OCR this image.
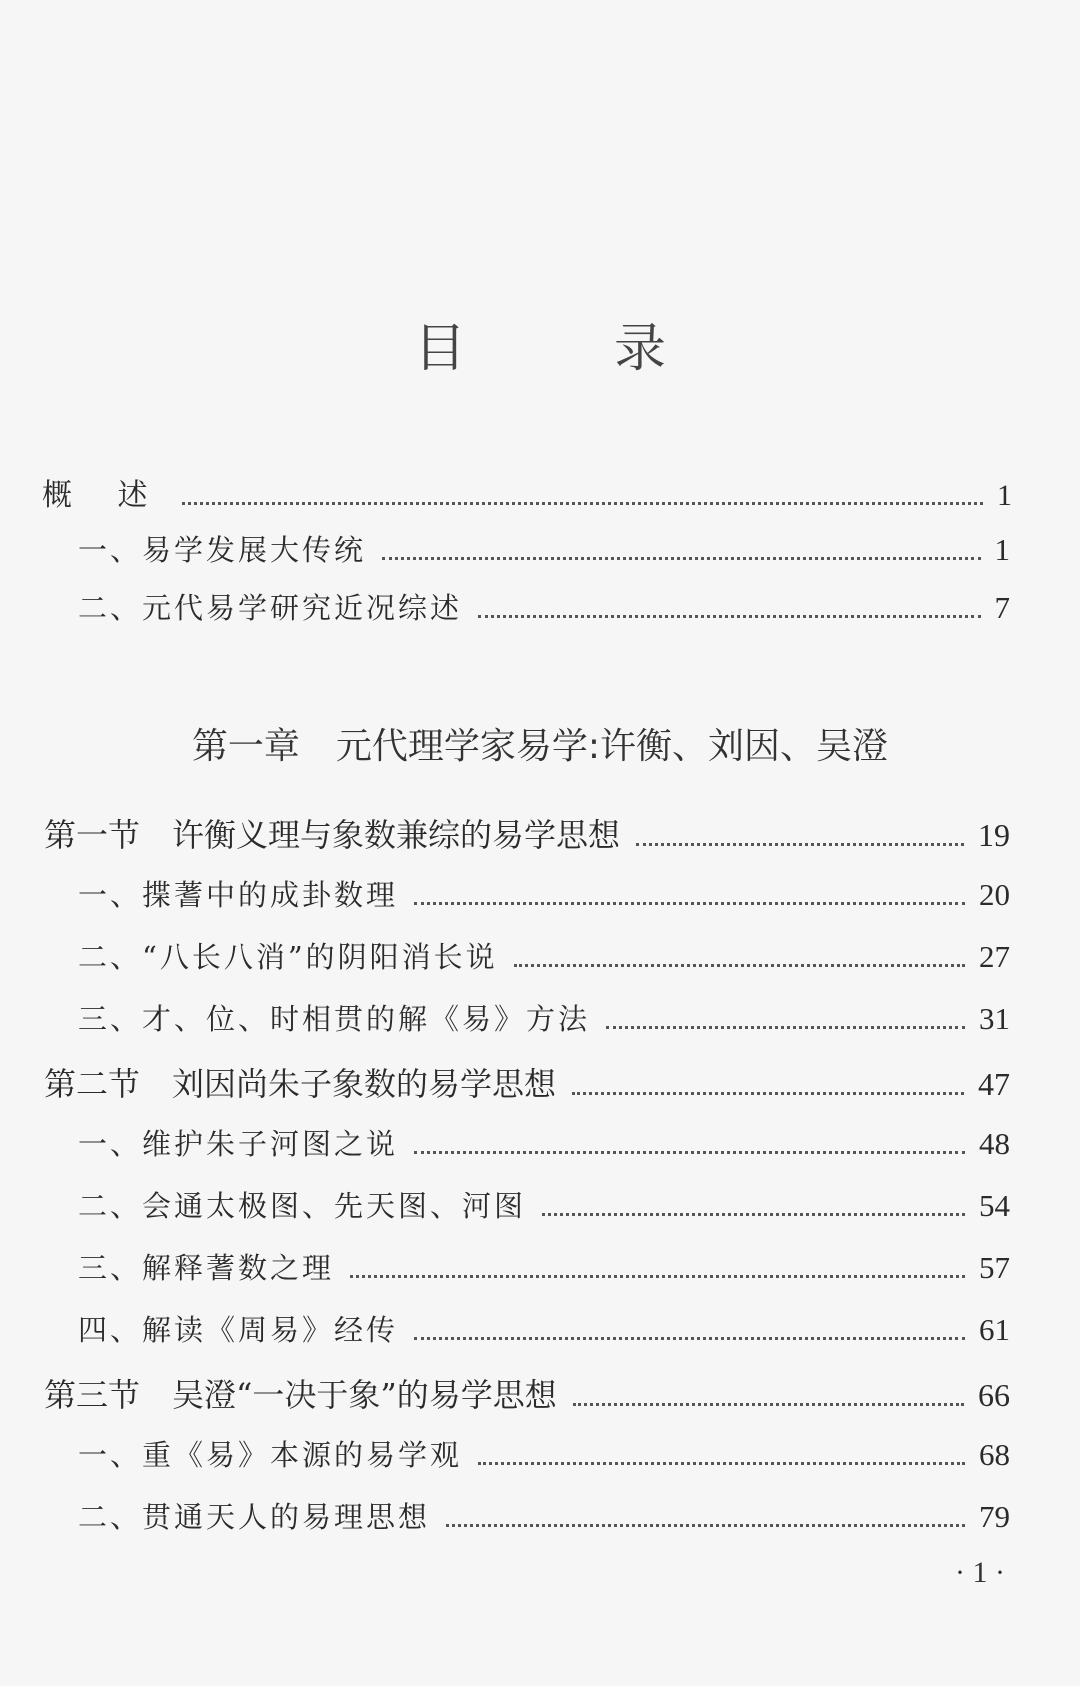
目　录
概 述	1
一、易学发展大传统	1
二、元代易学研究近况综述	7
第一章　元代理学家易学:许衡、刘因、吴澄
第一节　许衡义理与象数兼综的易学思想	19
一、揲蓍中的成卦数理	20
二、“八长八消”的阴阳消长说	27
三、才、位、时相贯的解《易》方法	31
第二节　刘因尚朱子象数的易学思想	47
一、维护朱子河图之说	48
二、会通太极图、先天图、河图	54
三、解释蓍数之理	57
四、解读《周易》经传	61
第三节　吴澄“一决于象”的易学思想	66
一、重《易》本源的易学观	68
二、贯通天人的易理思想	79
· 1 ·
